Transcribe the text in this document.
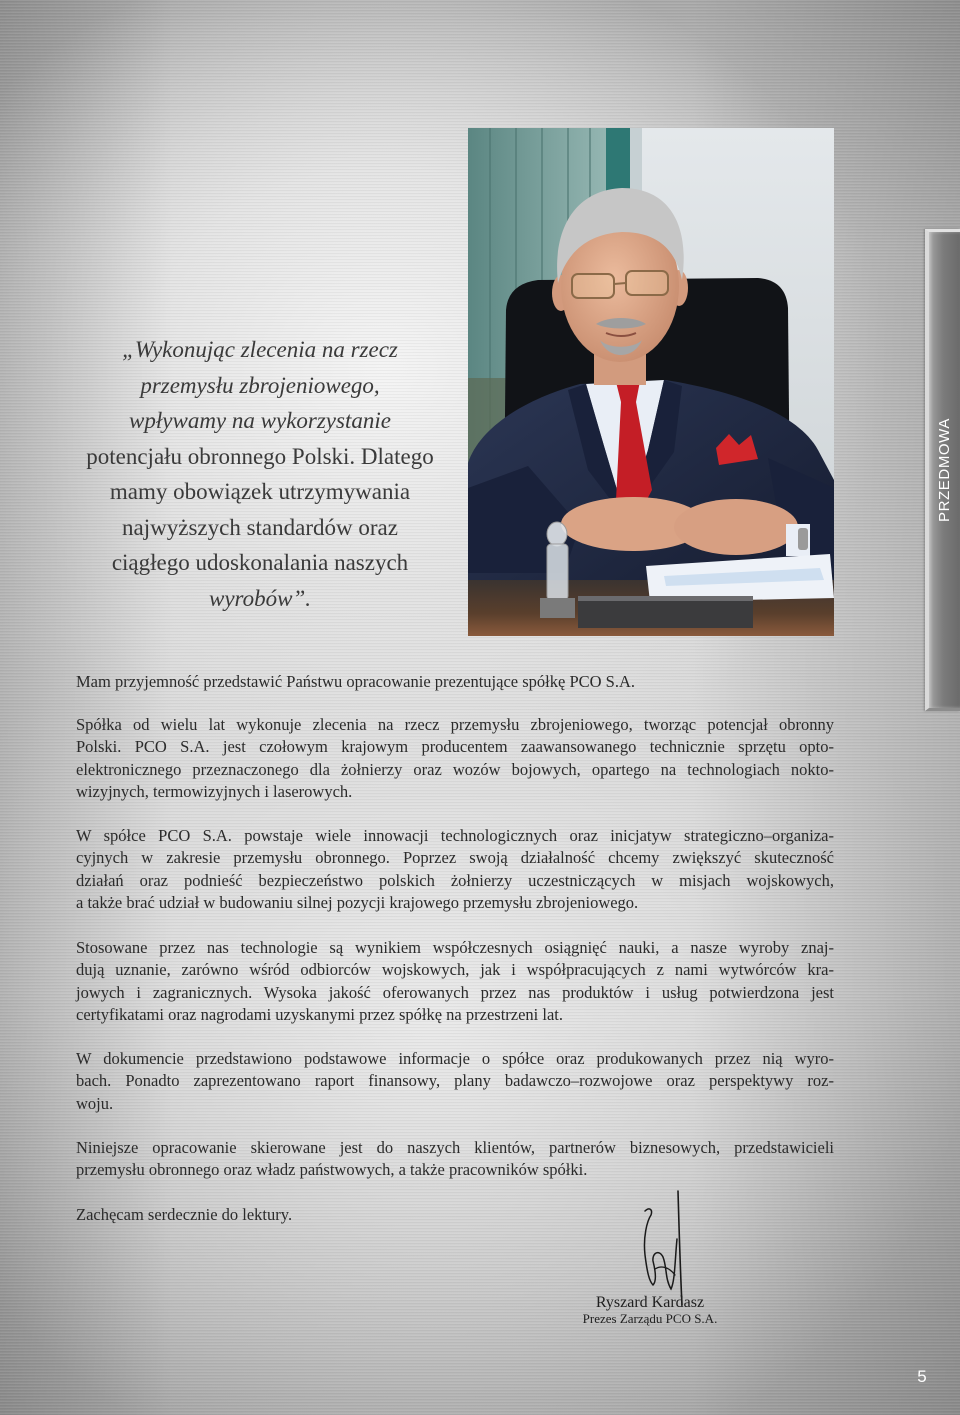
PRZEDMOWA
„Wykonując zlecenia na rzecz
przemysłu zbrojeniowego,
wpływamy na wykorzystanie
potencjału obronnego Polski. Dlatego
mamy obowiązek utrzymywania
najwyższych standardów oraz
ciągłego udoskonalania naszych
wyrobów”.
Mam przyjemność przedstawić Państwu opracowanie prezentujące spółkę PCO S.A.
Spółka od wielu lat wykonuje zlecenia na rzecz przemysłu zbrojeniowego, tworząc potencjał obronny
Polski. PCO S.A. jest czołowym krajowym producentem zaawansowanego technicznie sprzętu opto-
elektronicznego przeznaczonego dla żołnierzy oraz wozów bojowych, opartego na technologiach nokto-
wizyjnych, termowizyjnych i laserowych.
W spółce PCO S.A. powstaje wiele innowacji technologicznych oraz inicjatyw strategiczno–organiza-
cyjnych w zakresie przemysłu obronnego. Poprzez swoją działalność chcemy zwiększyć skuteczność
działań oraz podnieść bezpieczeństwo polskich żołnierzy uczestniczących w misjach wojskowych,
a także brać udział w budowaniu silnej pozycji krajowego przemysłu zbrojeniowego.
Stosowane przez nas technologie są wynikiem współczesnych osiągnięć nauki, a nasze wyroby znaj-
dują uznanie, zarówno wśród odbiorców wojskowych, jak i współpracujących z nami wytwórców kra-
jowych i zagranicznych. Wysoka jakość oferowanych przez nas produktów i usług potwierdzona jest
certyfikatami oraz nagrodami uzyskanymi przez spółkę na przestrzeni lat.
W dokumencie przedstawiono podstawowe informacje o spółce oraz produkowanych przez nią wyro-
bach. Ponadto zaprezentowano raport finansowy, plany badawczo–rozwojowe oraz perspektywy roz-
woju.
Niniejsze opracowanie skierowane jest do naszych klientów, partnerów biznesowych, przedstawicieli
przemysłu obronnego oraz władz państwowych, a także pracowników spółki.
Zachęcam serdecznie do lektury.
Ryszard Kardasz
Prezes Zarządu PCO S.A.
5
